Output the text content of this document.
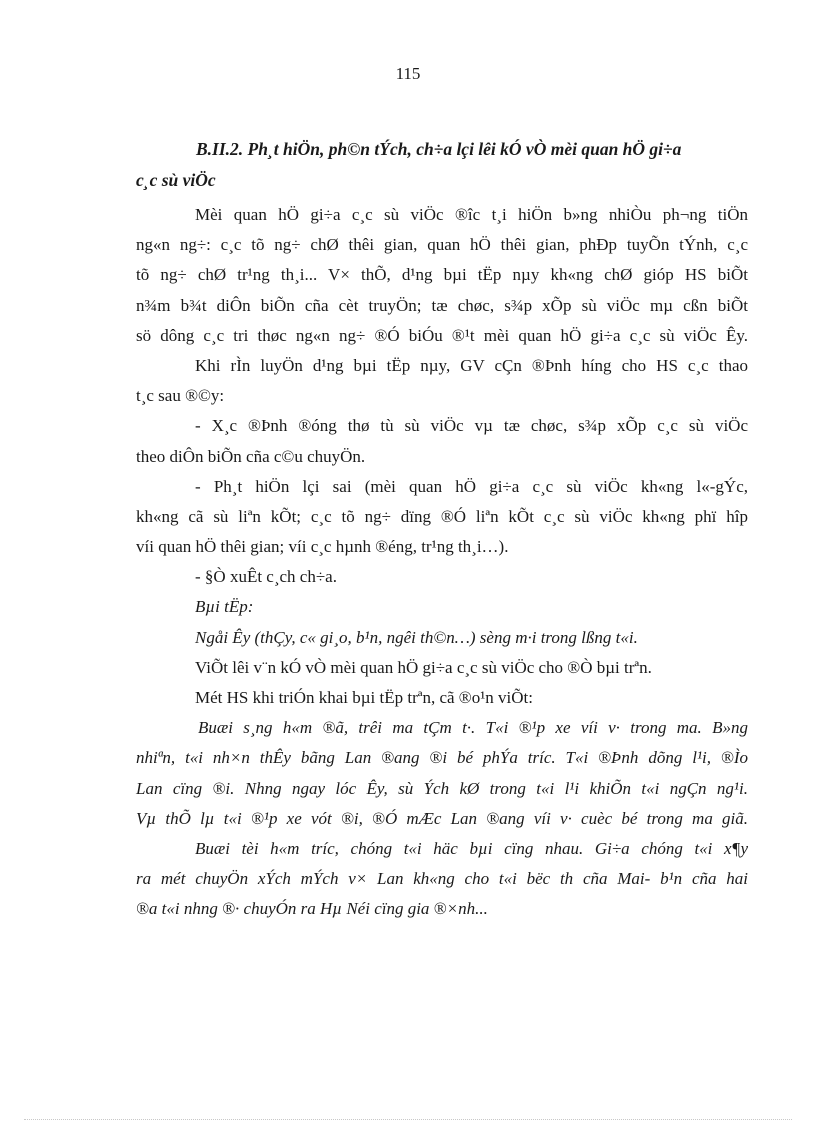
115
B.II.2. Ph¸t hiÖn, ph©n tÝch, ch÷a lçi lêi kÓ vÒ mèi quan hÖ gi÷a
c¸c sù viÖc
Mèi quan hÖ gi÷a c¸c sù viÖc ®îc t¸i hiÖn b»ng nhiÒu ph¬ng tiÖn
ng«n ng÷: c¸c tõ ng÷ chØ thêi gian, quan hÖ thêi gian, phÐp tuyÕn tÝnh, c¸c
tõ ng÷ chØ tr¹ng th¸i... V× thÕ, d¹ng bµi tËp nµy kh«ng chØ gióp HS biÕt
n¾m b¾t diÔn biÕn cña cèt truyÖn; tæ chøc, s¾p xÕp sù viÖc mµ cßn biÕt
sö dông c¸c tri thøc ng«n ng÷ ®Ó biÓu ®¹t mèi quan hÖ gi÷a c¸c sù viÖc Êy.
Khi rÌn luyÖn d¹ng bµi tËp nµy, GV cÇn ®Þnh híng cho HS c¸c thao
t¸c sau ®©y:
- X¸c ®Þnh ®óng thø tù sù viÖc vµ tæ chøc, s¾p xÕp c¸c sù viÖc
theo diÔn biÕn cña c©u chuyÖn.
- Ph¸t hiÖn lçi sai (mèi quan hÖ gi÷a c¸c sù viÖc kh«ng l«-gÝc,
kh«ng cã sù liªn kÕt; c¸c tõ ng÷ dïng ®Ó liªn kÕt c¸c sù viÖc kh«ng phï hîp
víi quan hÖ thêi gian; víi c¸c hµnh ®éng, tr¹ng th¸i…).
- §Ò xuÊt c¸ch ch÷a.
Bµi tËp:
Ngåi Êy (thÇy, c« gi¸o, b¹n, ngêi th©n…) sèng m·i trong lßng t«i.
ViÕt lêi v¨n kÓ vÒ mèi quan hÖ gi÷a c¸c sù viÖc cho ®Ò bµi trªn.
Mét HS khi triÓn khai bµi tËp trªn, cã ®o¹n viÕt:
Buæi s¸ng h«m ®ã, trêi ma tÇm t·. T«i ®¹p xe víi v· trong ma. B»ng
nhiªn, t«i nh×n thÊy bãng Lan ®ang ®i bé phÝa tríc. T«i ®Þnh dõng l¹i, ®Ìo
Lan cïng ®i. Nhng ngay lóc Êy, sù Ých kØ trong t«i l¹i khiÕn t«i ngÇn ng¹i.
Vµ thÕ lµ t«i ®¹p xe vót ®i, ®Ó mÆc Lan ®ang víi v· cuèc bé trong ma giã.
Buæi tèi h«m tríc, chóng t«i häc bµi cïng nhau. Gi÷a chóng t«i x¶y
ra mét chuyÖn xÝch mÝch v× Lan kh«ng cho t«i bëc th cña Mai- b¹n cña hai
®a t«i nhng ®· chuyÓn ra Hµ Néi cïng gia ®×nh...
